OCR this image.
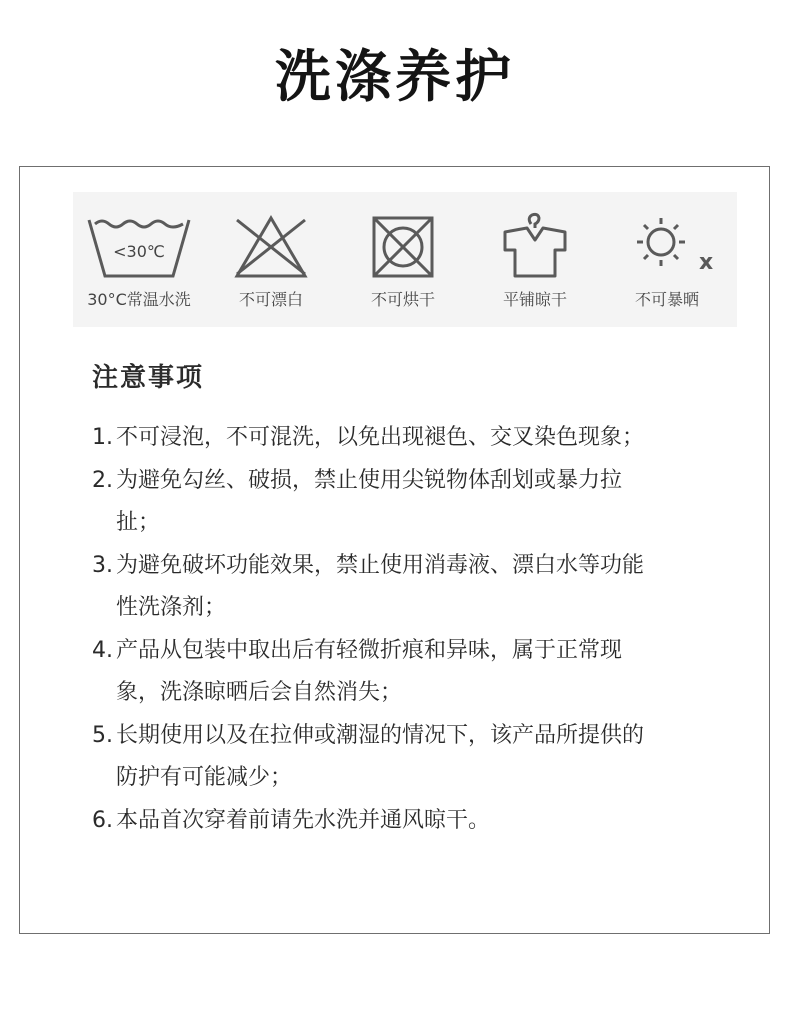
洗涤养护
<30℃
30°C常温水洗	不可漂白	不可烘干	平铺晾干
x
不可暴晒
注意事项
1. 不可浸泡，不可混洗，以免出现褪色、交叉染色现象；
2. 为避免勾丝、破损，禁止使用尖锐物体刮划或暴力拉扯；
3. 为避免破坏功能效果，禁止使用消毒液、漂白水等功能性洗涤剂；
4. 产品从包装中取出后有轻微折痕和异味，属于正常现象，洗涤晾晒后会自然消失；
5. 长期使用以及在拉伸或潮湿的情况下，该产品所提供的防护有可能减少；
6. 本品首次穿着前请先水洗并通风晾干。
